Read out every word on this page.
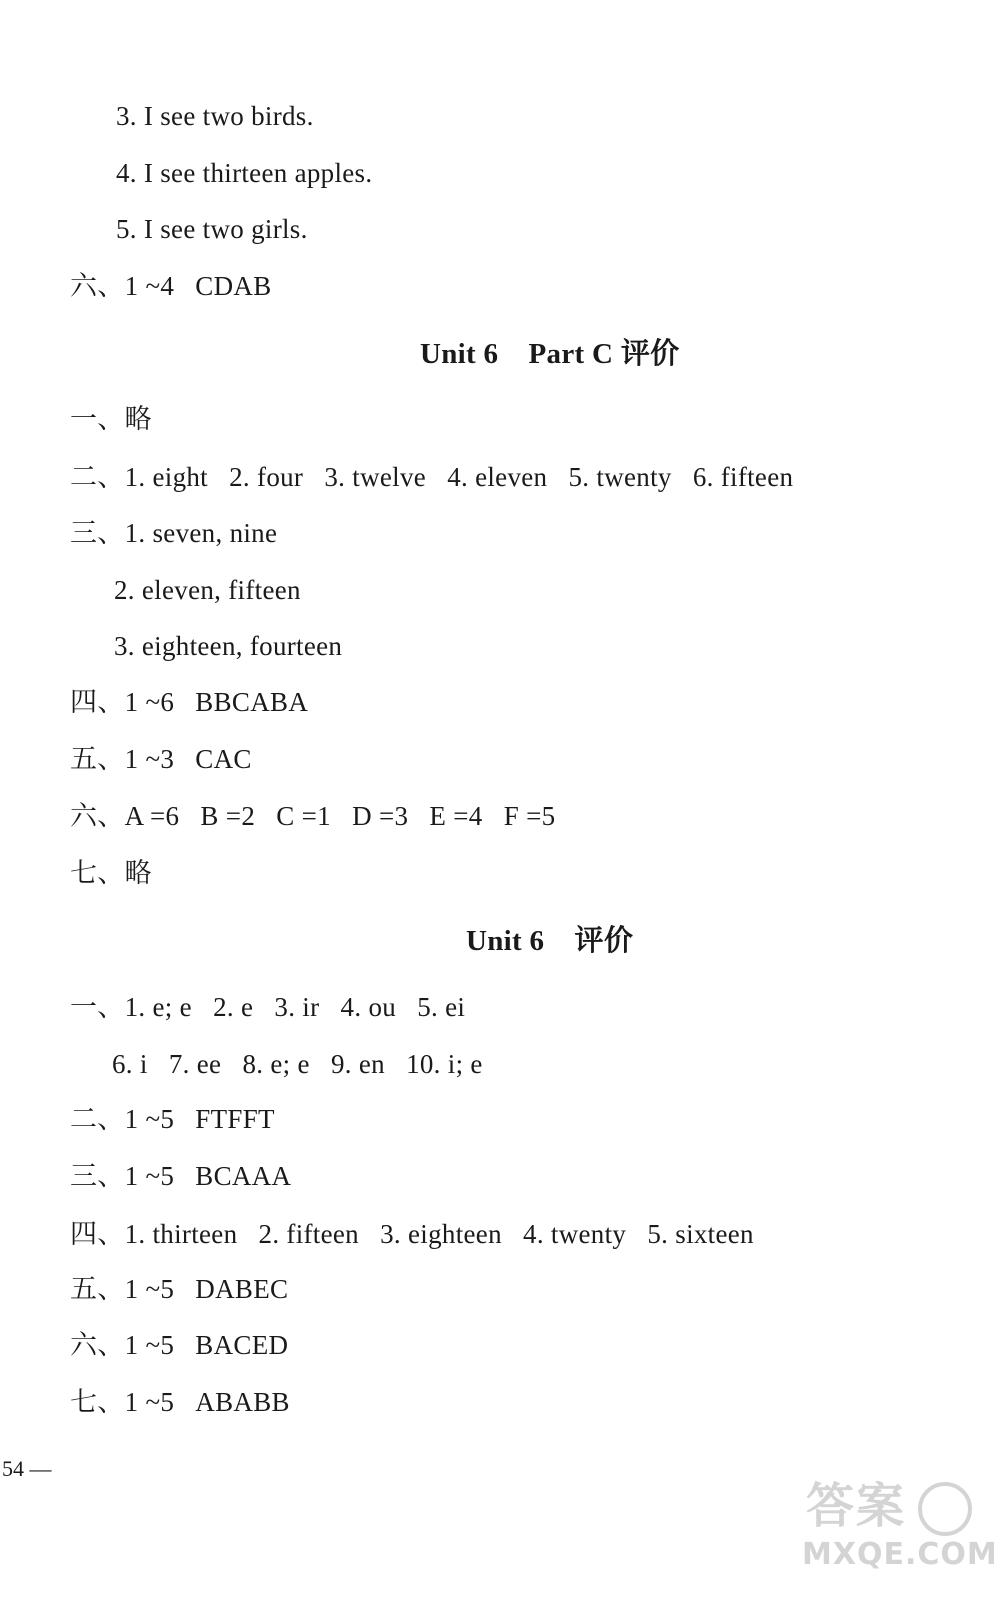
3. I see two birds.
4. I see thirteen apples.
5. I see two girls.
六、1 ~4   CDAB
Unit 6    Part C 评价
一、略
二、1. eight   2. four   3. twelve   4. eleven   5. twenty   6. fifteen
三、1. seven, nine
2. eleven, fifteen
3. eighteen, fourteen
四、1 ~6   BBCABA
五、1 ~3   CAC
六、A =6   B =2   C =1   D =3   E =4   F =5
七、略
Unit 6    评价
一、1. e; e   2. e   3. ir   4. ou   5. ei
6. i   7. ee   8. e; e   9. en   10. i; e
二、1 ~5   FTFFT
三、1 ~5   BCAAA
四、1. thirteen   2. fifteen   3. eighteen   4. twenty   5. sixteen
五、1 ~5   DABEC
六、1 ~5   BACED
七、1 ~5   ABABB
54 —
答案
MXQE.COM
